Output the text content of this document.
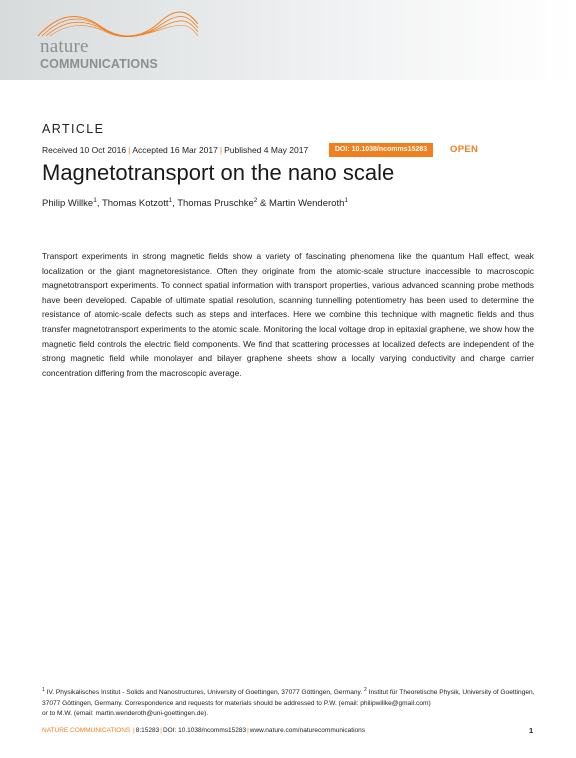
nature
COMMUNICATIONS
ARTICLE
Received 10 Oct 2016 | Accepted 16 Mar 2017 | Published 4 May 2017	DOI: 10.1038/ncomms15283	OPEN
Magnetotransport on the nano scale
Philip Willke$^1$, Thomas Kotzott$^1$, Thomas Pruschke$^2$ & Martin Wenderoth$^1$

Transport experiments in strong magnetic fields show a variety of fascinating phenomena like the quantum Hall effect, weak localization or the giant magnetoresistance. Often they originate from the atomic-scale structure inaccessible to macroscopic magnetotransport experiments. To connect spatial information with transport properties, various advanced scanning probe methods have been developed. Capable of ultimate spatial resolution, scanning tunnelling potentiometry has been used to determine the resistance of atomic-scale defects such as steps and interfaces. Here we combine this technique with magnetic fields and thus transfer magnetotransport experiments to the atomic scale. Monitoring the local voltage drop in epitaxial graphene, we show how the magnetic field controls the electric field components. We find that scattering processes at localized defects are independent of the strong magnetic field while monolayer and bilayer graphene sheets show a locally varying conductivity and charge carrier concentration differing from the macroscopic average.

$^1$ IV. Physikalisches Institut - Solids and Nanostructures, University of Goettingen, 37077 Göttingen, Germany. $^2$ Institut für Theoretische Physik, University of Goettingen, 37077 Göttingen, Germany. Correspondence and requests for materials should be addressed to P.W. (email: philipwillke@gmail.com)

or to M.W. (email: martin.wenderoth@uni-goettingen.de).

NATURE COMMUNICATIONS |8:15283|DOI: 10.1038/ncomms15283|www.nature.com/naturecommunications	1
